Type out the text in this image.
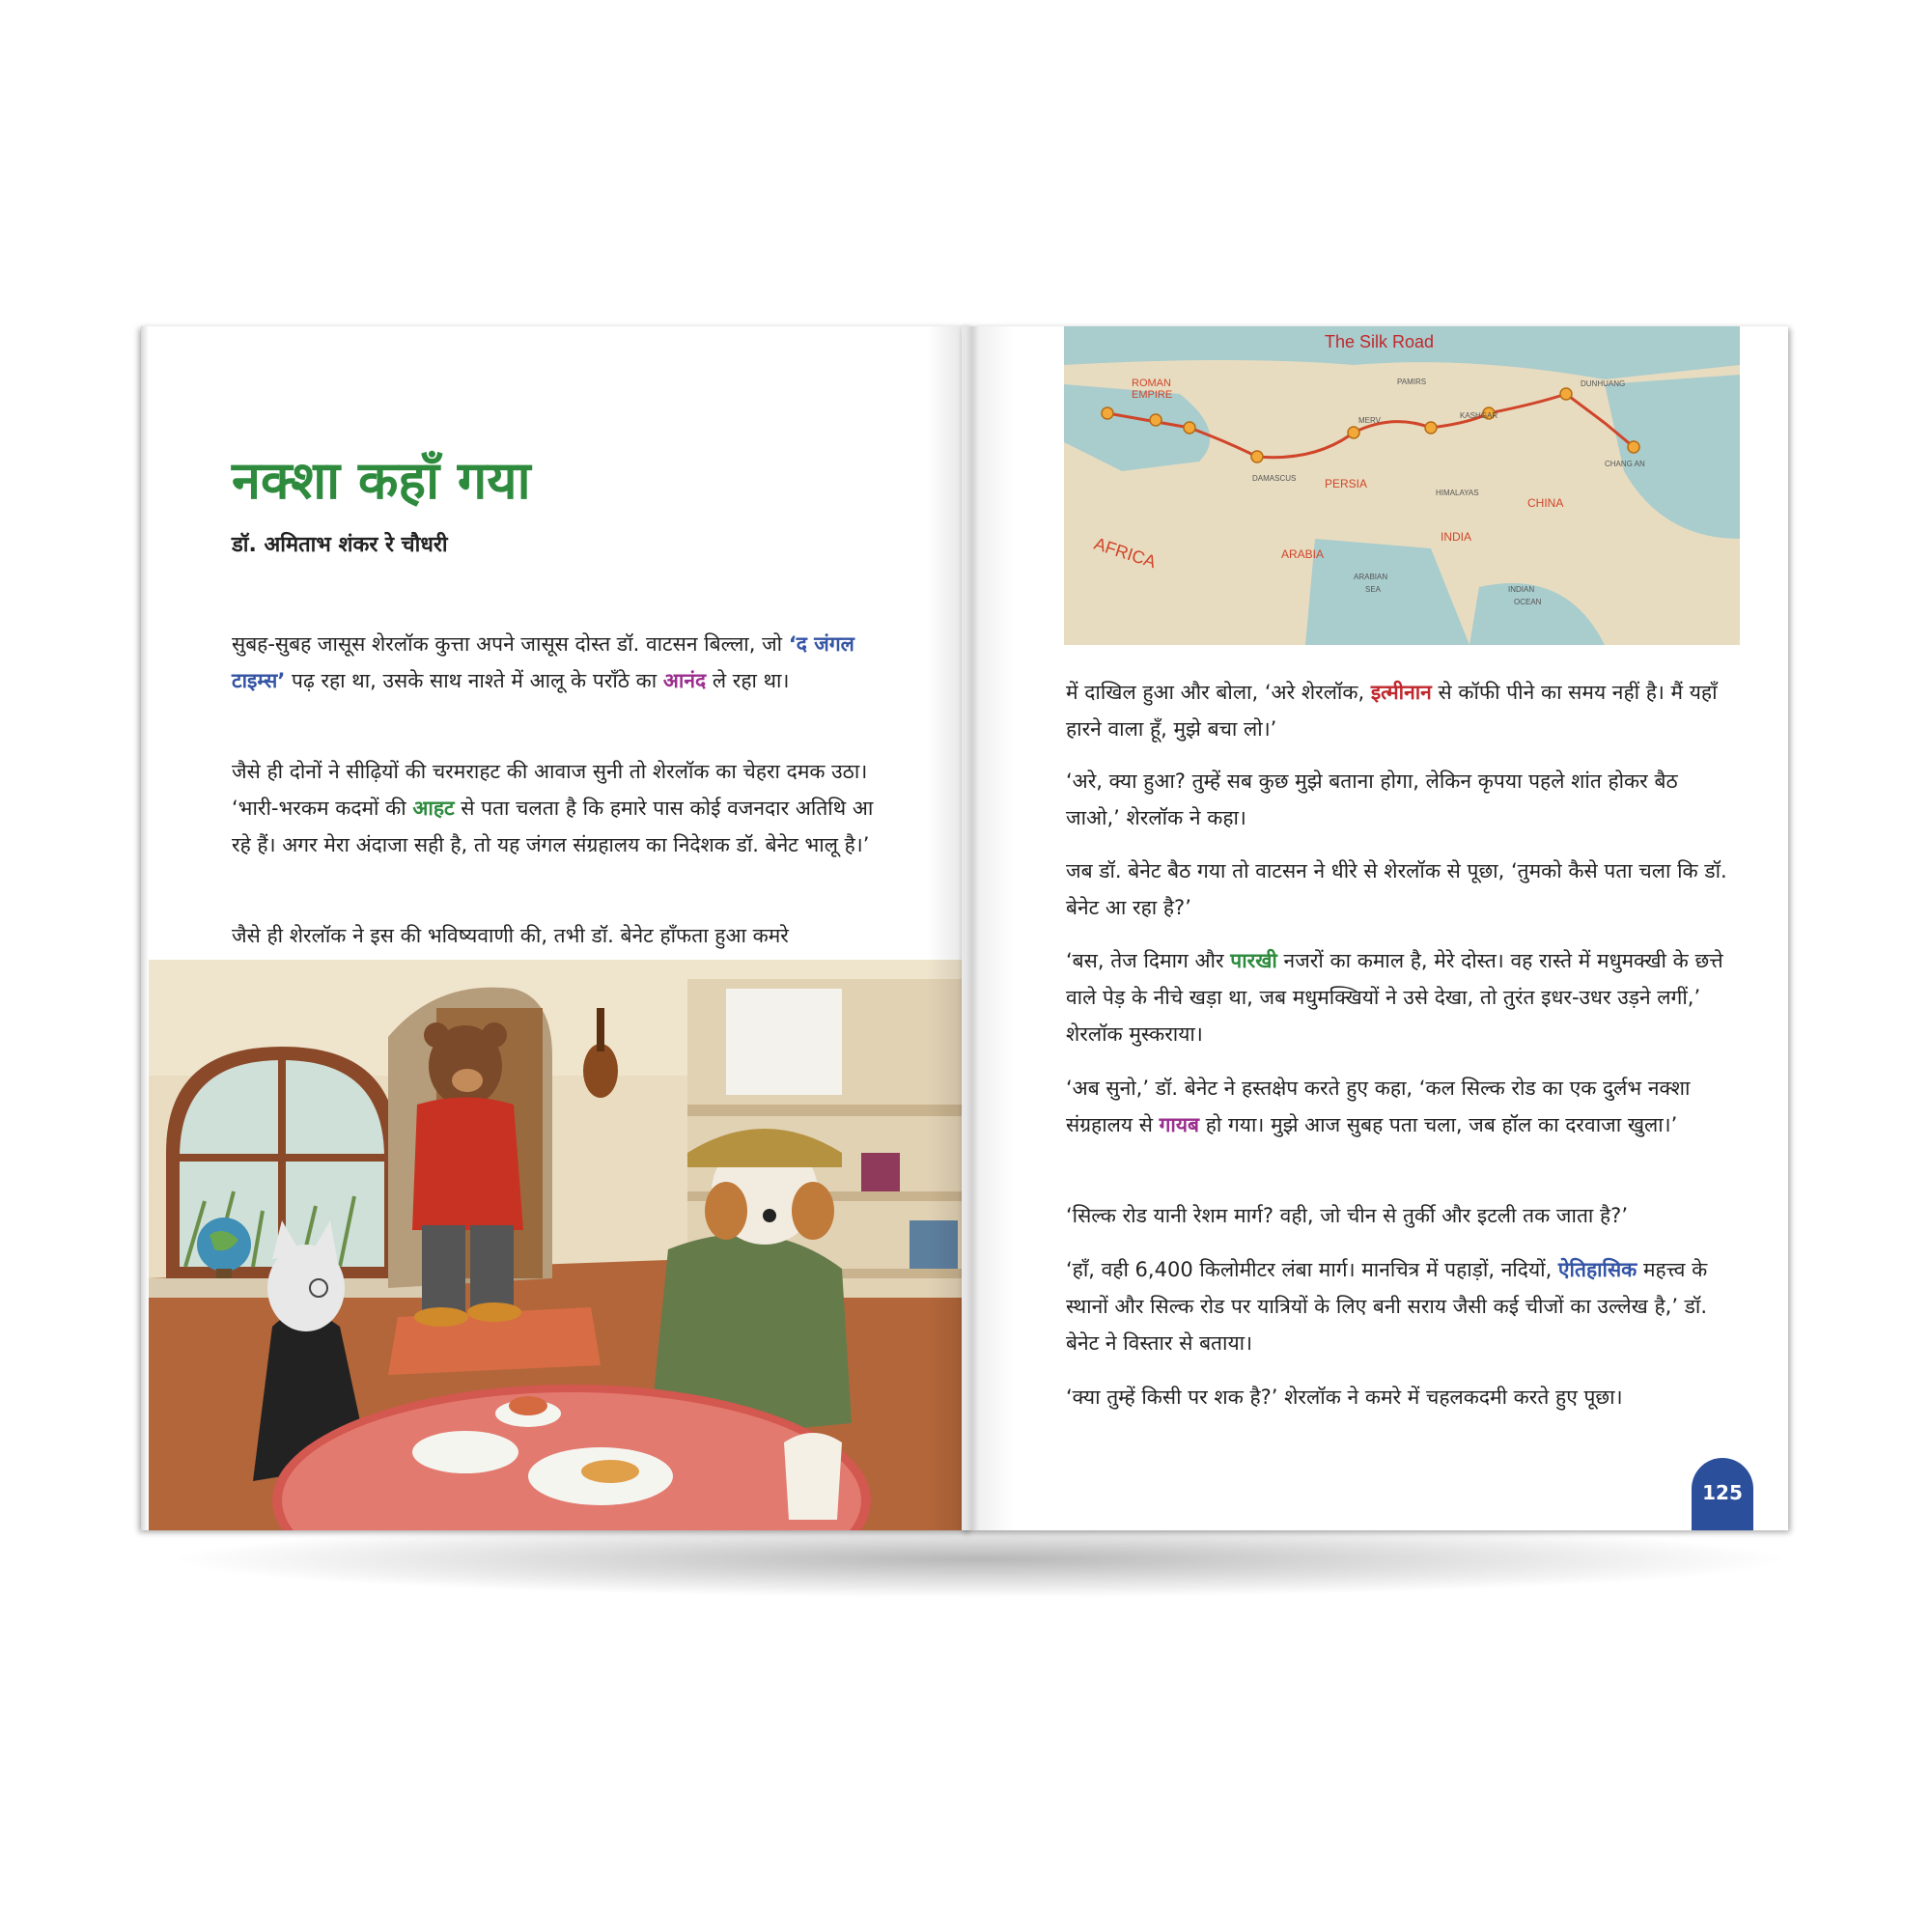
नक्शा कहाँ गया
डॉ. अमिताभ शंकर रे चौधरी

सुबह-सुबह जासूस शेरलॉक कुत्ता अपने जासूस दोस्त डॉ. वाटसन बिल्ला, जो ‘द जंगल टाइम्स’ पढ़ रहा था, उसके साथ नाश्ते में आलू के पराँठे का आनंद ले रहा था।

जैसे ही दोनों ने सीढ़ियों की चरमराहट की आवाज सुनी तो शेरलॉक का चेहरा दमक उठा। ‘भारी-भरकम कदमों की आहट से पता चलता है कि हमारे पास कोई वजनदार अतिथि आ रहे हैं। अगर मेरा अंदाजा सही है, तो यह जंगल संग्रहालय का निदेशक डॉ. बेनेट भालू है।’

जैसे ही शेरलॉक ने इस की भविष्यवाणी की, तभी डॉ. बेनेट हाँफता हुआ कमरे

The Silk Road
ROMAN
EMPIRE
PAMIRS	DUNHUANG
KASHGAR
MERV
CHANG AN
DAMASCUS PERSIA
HIMALAYAS
CHINA
AFRICA	ARABIA
INDIA
ARABIAN
SEA	INDIAN
OCEAN

में दाखिल हुआ और बोला, ‘अरे शेरलॉक, इत्मीनान से कॉफी पीने का समय नहीं है। मैं यहाँ हारने वाला हूँ, मुझे बचा लो।’

‘अरे, क्या हुआ? तुम्हें सब कुछ मुझे बताना होगा, लेकिन कृपया पहले शांत होकर बैठ जाओ,’ शेरलॉक ने कहा।

जब डॉ. बेनेट बैठ गया तो वाटसन ने धीरे से शेरलॉक से पूछा, ‘तुमको कैसे पता चला कि डॉ. बेनेट आ रहा है?’

‘बस, तेज दिमाग और पारखी नजरों का कमाल है, मेरे दोस्त। वह रास्ते में मधुमक्खी के छत्ते वाले पेड़ के नीचे खड़ा था, जब मधुमक्खियों ने उसे देखा, तो तुरंत इधर-उधर उड़ने लगीं,’ शेरलॉक मुस्कराया।

‘अब सुनो,’ डॉ. बेनेट ने हस्तक्षेप करते हुए कहा, ‘कल सिल्क रोड का एक दुर्लभ नक्शा संग्रहालय से गायब हो गया। मुझे आज सुबह पता चला, जब हॉल का दरवाजा खुला।’

‘सिल्क रोड यानी रेशम मार्ग? वही, जो चीन से तुर्की और इटली तक जाता है?’

‘हाँ, वही 6,400 किलोमीटर लंबा मार्ग। मानचित्र में पहाड़ों, नदियों, ऐतिहासिक महत्त्व के स्थानों और सिल्क रोड पर यात्रियों के लिए बनी सराय जैसी कई चीजों का उल्लेख है,’ डॉ. बेनेट ने विस्तार से बताया।

‘क्या तुम्हें किसी पर शक है?’ शेरलॉक ने कमरे में चहलकदमी करते हुए पूछा।

125
